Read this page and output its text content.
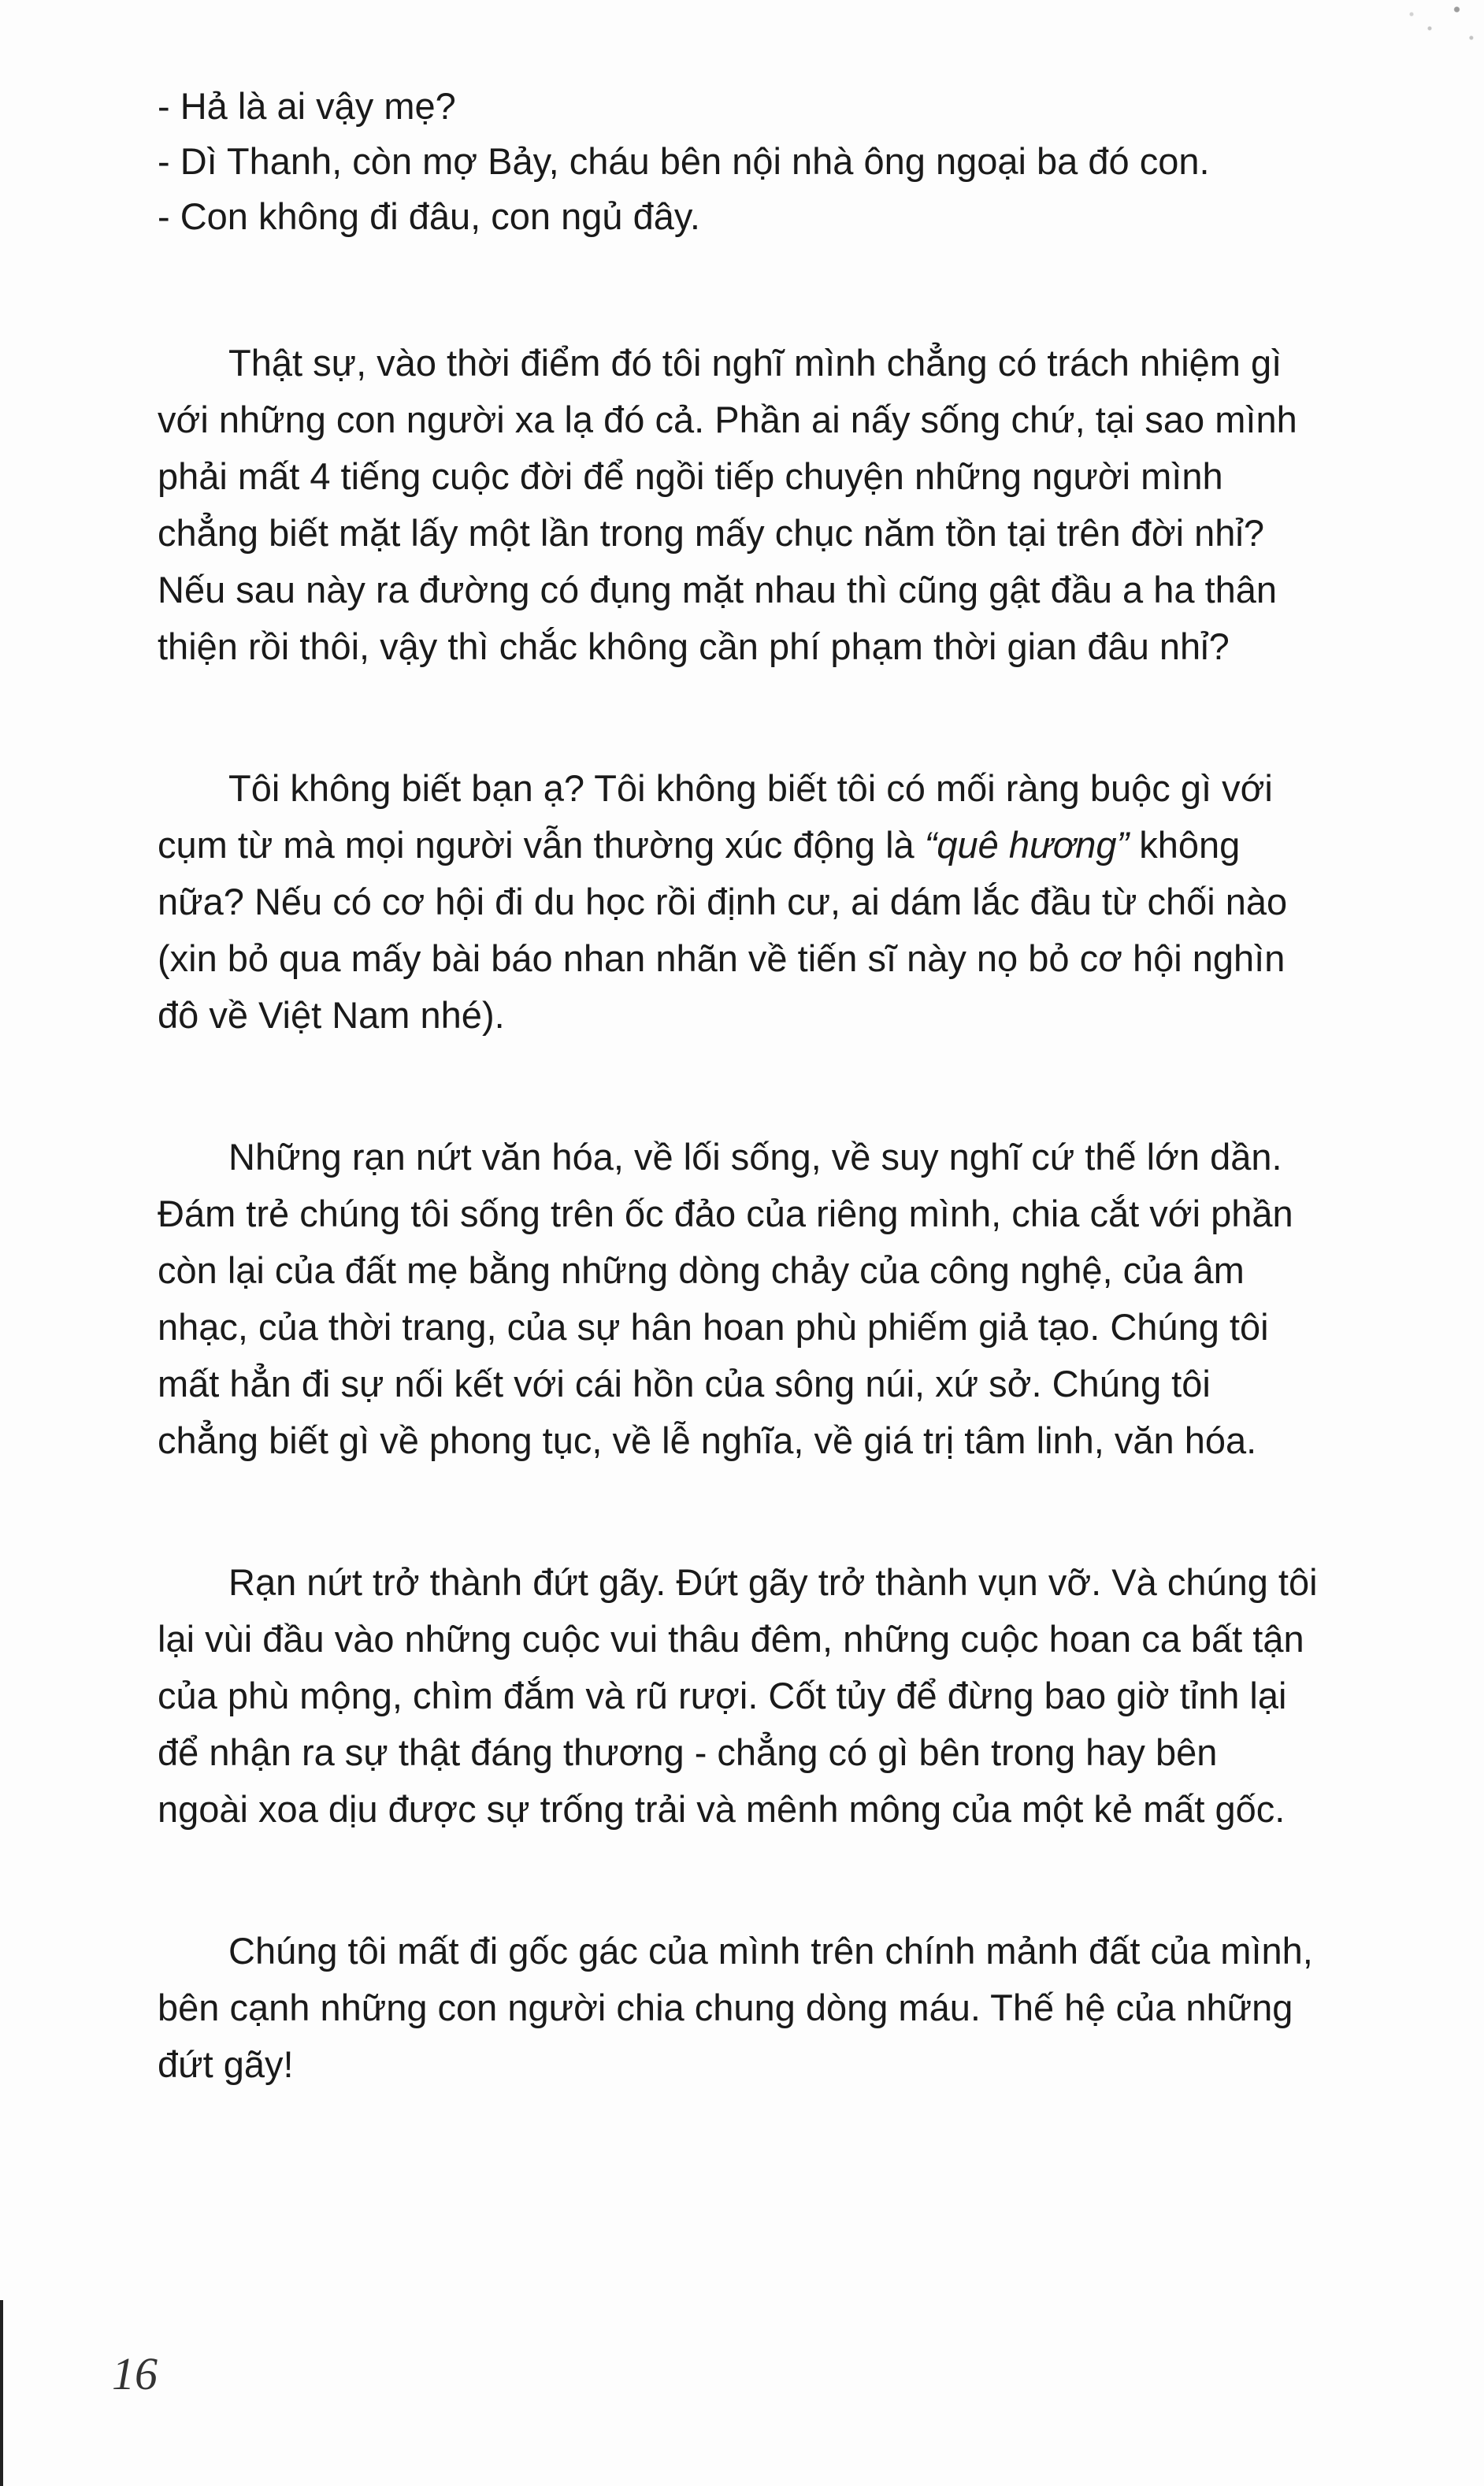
- Hả là ai vậy mẹ?

- Dì Thanh, còn mợ Bảy, cháu bên nội nhà ông ngoại ba đó con.

- Con không đi đâu, con ngủ đây.

Thật sự, vào thời điểm đó tôi nghĩ mình chẳng có trách nhiệm gì
với những con người xa lạ đó cả. Phần ai nấy sống chứ, tại sao mình
phải mất 4 tiếng cuộc đời để ngồi tiếp chuyện những người mình
chẳng biết mặt lấy một lần trong mấy chục năm tồn tại trên đời nhỉ?
Nếu sau này ra đường có đụng mặt nhau thì cũng gật đầu a ha thân
thiện rồi thôi, vậy thì chắc không cần phí phạm thời gian đâu nhỉ?

Tôi không biết bạn ạ? Tôi không biết tôi có mối ràng buộc gì với
cụm từ mà mọi người vẫn thường xúc động là “quê hương” không
nữa? Nếu có cơ hội đi du học rồi định cư, ai dám lắc đầu từ chối nào
(xin bỏ qua mấy bài báo nhan nhãn về tiến sĩ này nọ bỏ cơ hội nghìn
đô về Việt Nam nhé).

Những rạn nứt văn hóa, về lối sống, về suy nghĩ cứ thế lớn dần.
Đám trẻ chúng tôi sống trên ốc đảo của riêng mình, chia cắt với phần
còn lại của đất mẹ bằng những dòng chảy của công nghệ, của âm
nhạc, của thời trang, của sự hân hoan phù phiếm giả tạo. Chúng tôi
mất hẳn đi sự nối kết với cái hồn của sông núi, xứ sở. Chúng tôi
chẳng biết gì về phong tục, về lễ nghĩa, về giá trị tâm linh, văn hóa.

Rạn nứt trở thành đứt gãy. Đứt gãy trở thành vụn vỡ. Và chúng tôi
lại vùi đầu vào những cuộc vui thâu đêm, những cuộc hoan ca bất tận
của phù mộng, chìm đắm và rũ rượi. Cốt tủy để đừng bao giờ tỉnh lại
để nhận ra sự thật đáng thương - chẳng có gì bên trong hay bên
ngoài xoa dịu được sự trống trải và mênh mông của một kẻ mất gốc.

Chúng tôi mất đi gốc gác của mình trên chính mảnh đất của mình,
bên cạnh những con người chia chung dòng máu. Thế hệ của những
đứt gãy!

16
